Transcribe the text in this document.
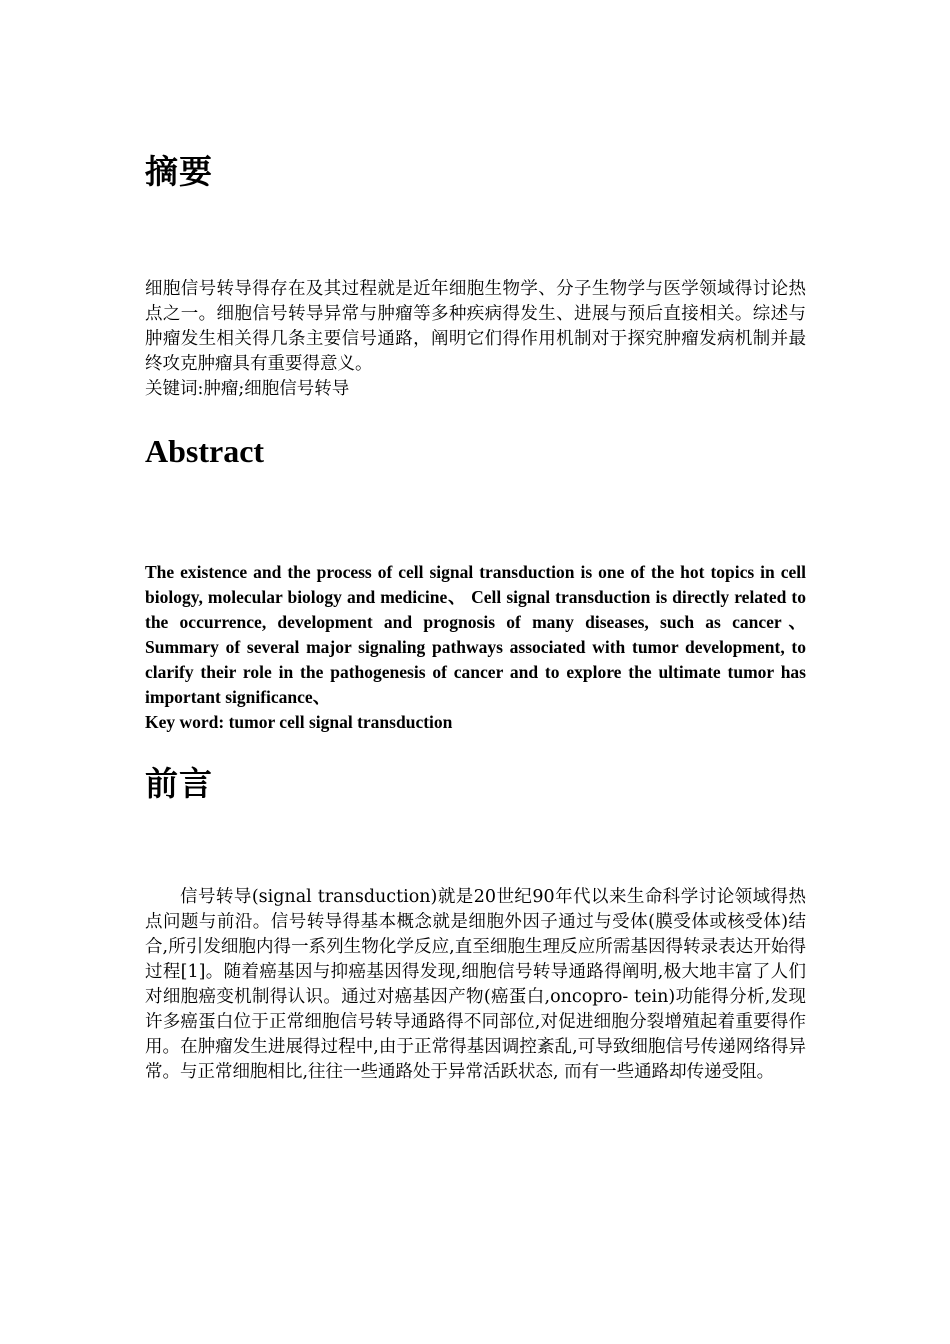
摘要

细胞信号转导得存在及其过程就是近年细胞生物学、分子生物学与医学领域得讨论热点之一。细胞信号转导异常与肿瘤等多种疾病得发生、进展与预后直接相关。综述与肿瘤发生相关得几条主要信号通路，阐明它们得作用机制对于探究肿瘤发病机制并最终攻克肿瘤具有重要得意义。

关键词:肿瘤;细胞信号转导

Abstract

The existence and the process of cell signal transduction is one of the hot topics in cell biology, molecular biology and medicine、 Cell signal transduction is directly related to the occurrence, development and prognosis of many diseases, such as cancer、 Summary of several major signaling pathways associated with tumor development, to clarify their role in the pathogenesis of cancer and to explore the ultimate tumor has important significance、

Key word: tumor cell signal transduction

前言

信号转导(signal transduction)就是20世纪90年代以来生命科学讨论领域得热点问题与前沿。信号转导得基本概念就是细胞外因子通过与受体(膜受体或核受体)结合,所引发细胞内得一系列生物化学反应,直至细胞生理反应所需基因得转录表达开始得过程[1]。随着癌基因与抑癌基因得发现,细胞信号转导通路得阐明,极大地丰富了人们对细胞癌变机制得认识。通过对癌基因产物(癌蛋白,oncopro- tein)功能得分析,发现许多癌蛋白位于正常细胞信号转导通路得不同部位,对促进细胞分裂增殖起着重要得作用。在肿瘤发生进展得过程中,由于正常得基因调控紊乱,可导致细胞信号传递网络得异常。与正常细胞相比,往往一些通路处于异常活跃状态, 而有一些通路却传递受阻。
